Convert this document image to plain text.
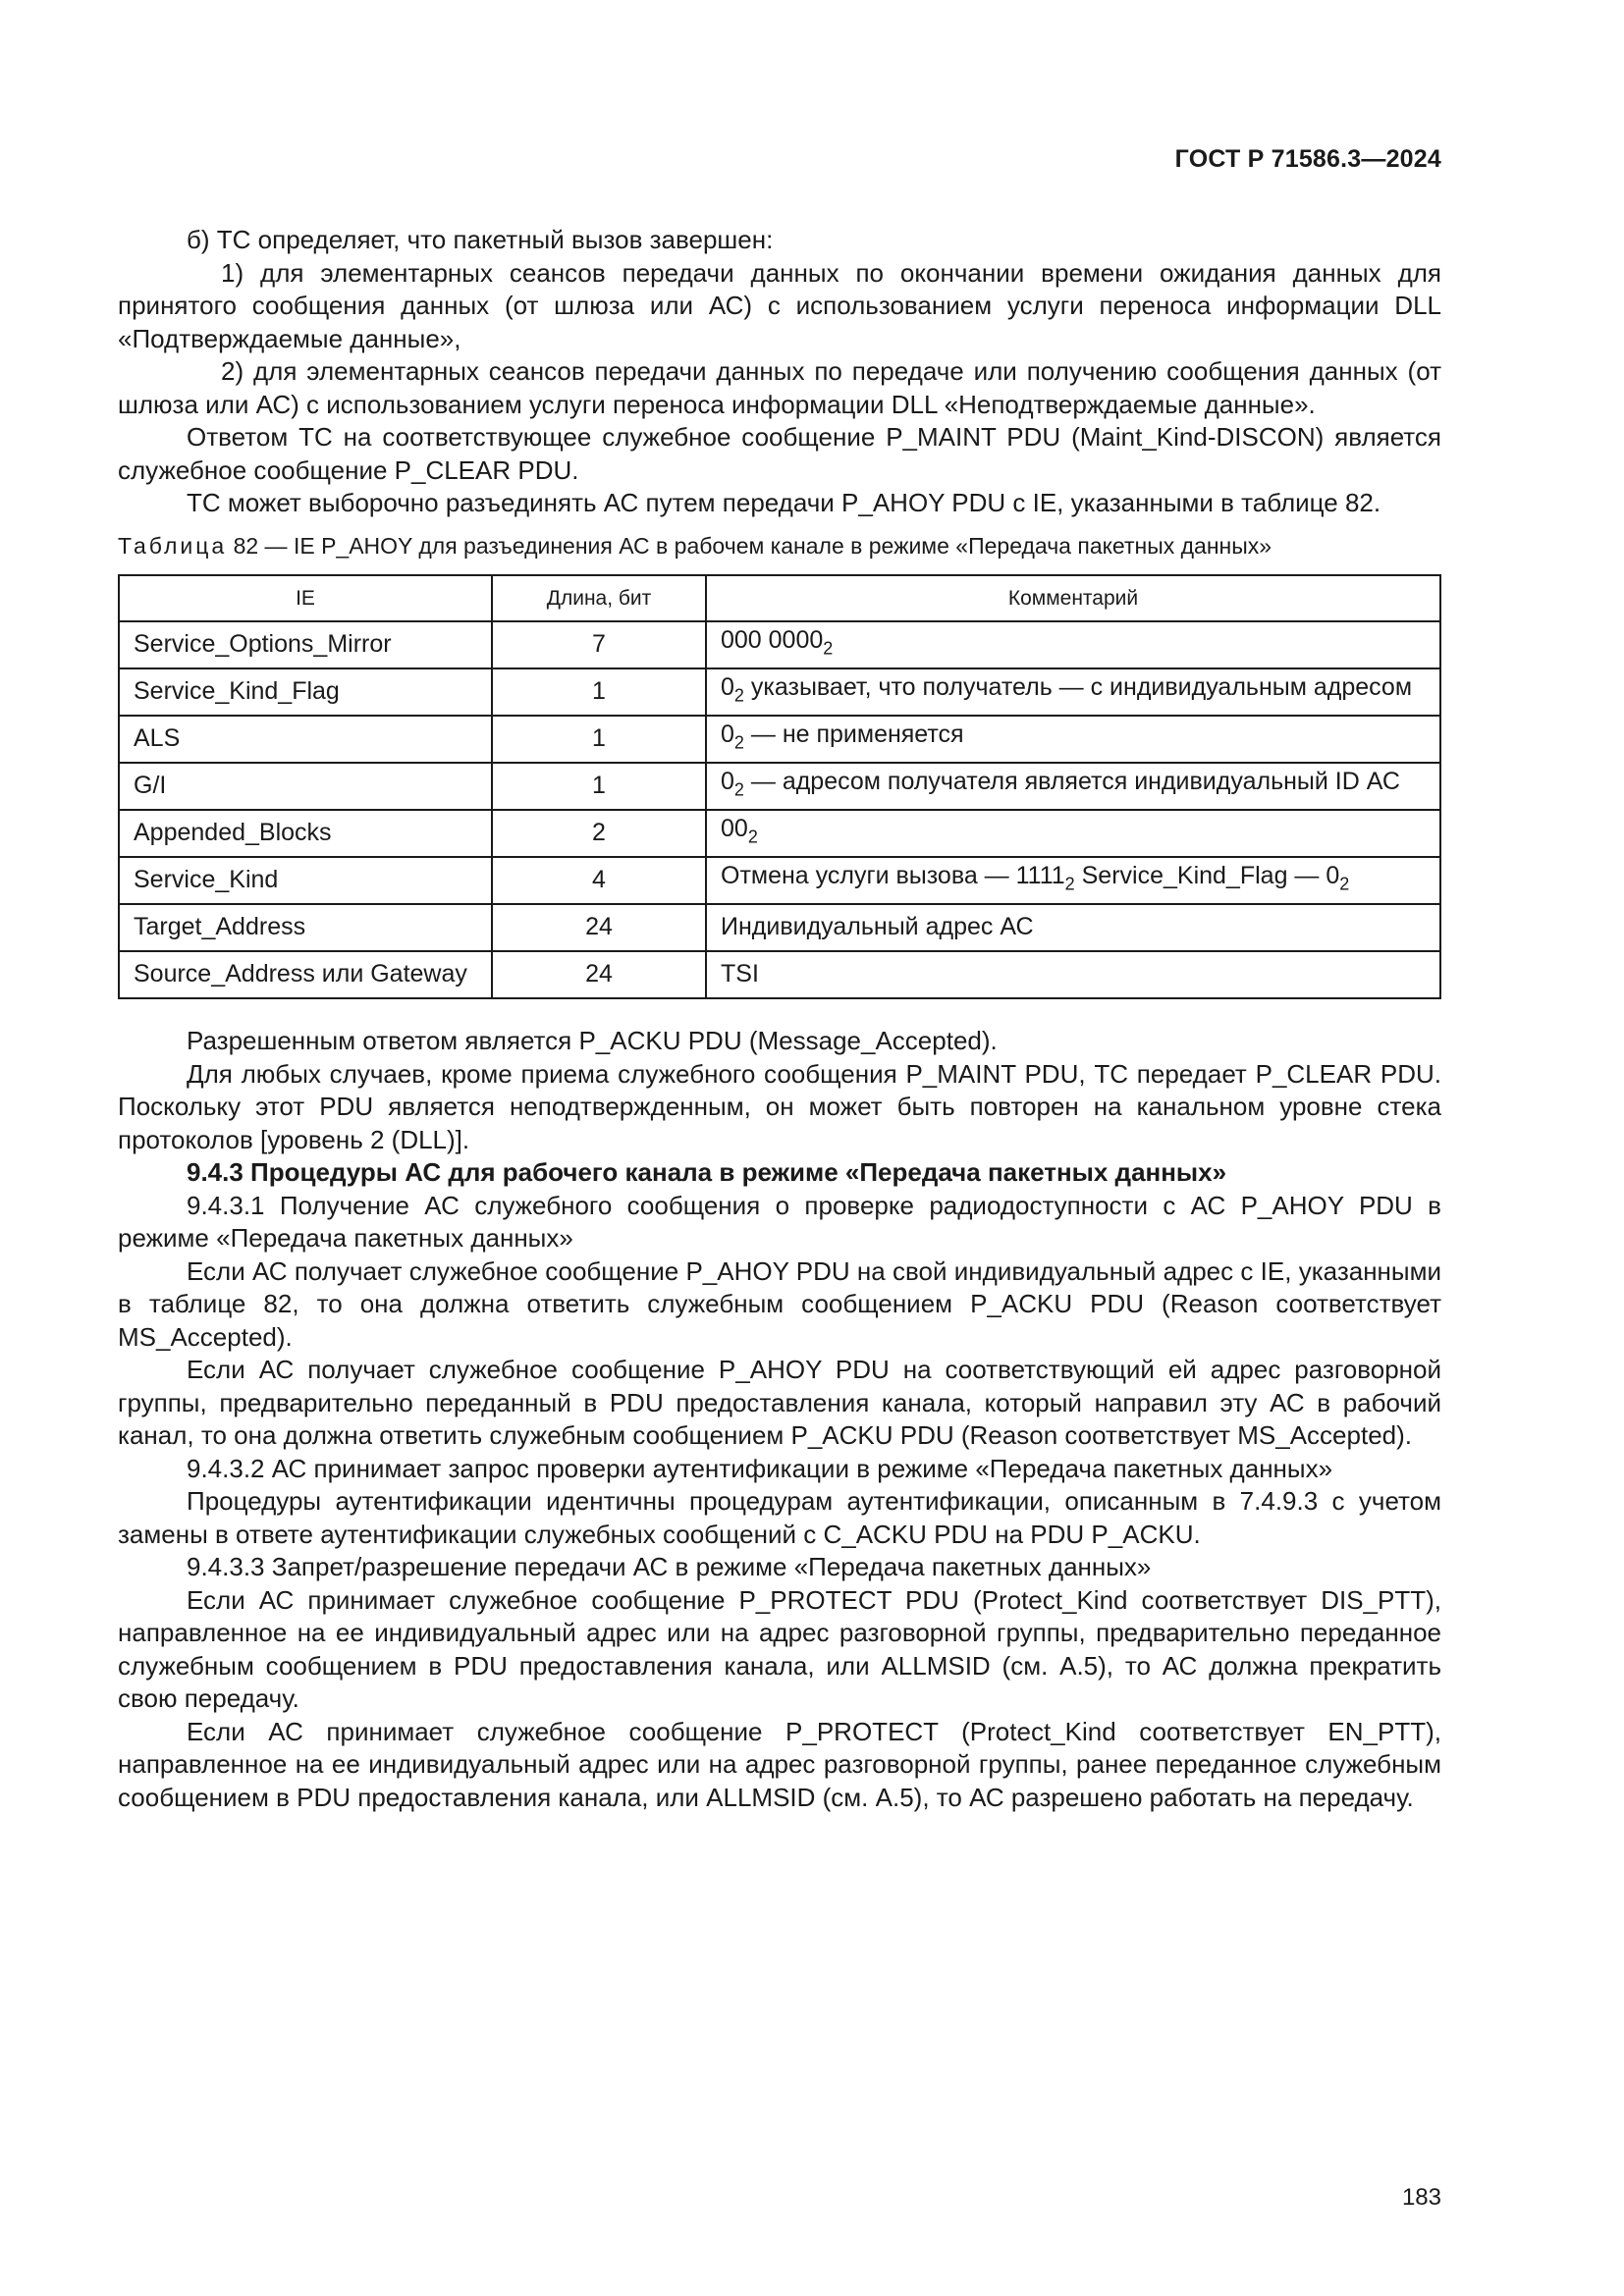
ГОСТ Р 71586.3—2024

б) ТС определяет, что пакетный вызов завершен:

1) для элементарных сеансов передачи данных по окончании времени ожидания данных для принятого сообщения данных (от шлюза или АС) с использованием услуги переноса информации DLL «Подтверждаемые данные»,

2) для элементарных сеансов передачи данных по передаче или получению сообщения данных (от шлюза или АС) с использованием услуги переноса информации DLL «Неподтверждаемые данные».

Ответом ТС на соответствующее служебное сообщение P_MAINT PDU (Maint_Kind-DISCON) является служебное сообщение P_CLEAR PDU.

ТС может выборочно разъединять АС путем передачи P_AHOY PDU с IE, указанными в таблице 82.

Таблица 82 — IE P_AHOY для разъединения АС в рабочем канале в режиме «Передача пакетных данных»

IE	Длина, бит	Комментарий
Service_Options_Mirror	7	000 $0000_2$
Service_Kind_Flag	1	$0_2$ указывает, что получатель — с индивидуальным адресом
ALS	1	$0_2$ — не применяется
G/I	1	$0_2$ — адресом получателя является индивидуальный ID АС
Appended_Blocks	2	$00_2$
Service_Kind	4	Отмена услуги вызова — $1111_2$ Service_Kind_Flag — $0_2$
Target_Address	24	Индивидуальный адрес АС
Source_Address или Gateway	24	TSI

Разрешенным ответом является P_ACKU PDU (Message_Accepted).

Для любых случаев, кроме приема служебного сообщения P_MAINT PDU, ТС передает P_CLEAR PDU. Поскольку этот PDU является неподтвержденным, он может быть повторен на канальном уровне стека протоколов [уровень 2 (DLL)].

9.4.3 Процедуры АС для рабочего канала в режиме «Передача пакетных данных»

9.4.3.1 Получение АС служебного сообщения о проверке радиодоступности с АС P_AHOY PDU в режиме «Передача пакетных данных»

Если АС получает служебное сообщение P_AHOY PDU на свой индивидуальный адрес с IE, указанными в таблице 82, то она должна ответить служебным сообщением P_ACKU PDU (Reason соответствует MS_Accepted).

Если АС получает служебное сообщение P_AHOY PDU на соответствующий ей адрес разговорной группы, предварительно переданный в PDU предоставления канала, который направил эту АС в рабочий канал, то она должна ответить служебным сообщением P_ACKU PDU (Reason соответствует MS_Accepted).

9.4.3.2 АС принимает запрос проверки аутентификации в режиме «Передача пакетных данных»

Процедуры аутентификации идентичны процедурам аутентификации, описанным в 7.4.9.3 с учетом замены в ответе аутентификации служебных сообщений с C_ACKU PDU на PDU P_ACKU.

9.4.3.3 Запрет/разрешение передачи АС в режиме «Передача пакетных данных»

Если АС принимает служебное сообщение P_PROTECT PDU (Protect_Kind соответствует DIS_PTT), направленное на ее индивидуальный адрес или на адрес разговорной группы, предварительно переданное служебным сообщением в PDU предоставления канала, или ALLMSID (см. А.5), то АС должна прекратить свою передачу.

Если АС принимает служебное сообщение P_PROTECT (Protect_Kind соответствует EN_PTT), направленное на ее индивидуальный адрес или на адрес разговорной группы, ранее переданное служебным сообщением в PDU предоставления канала, или ALLMSID (см. А.5), то АС разрешено работать на передачу.

183
